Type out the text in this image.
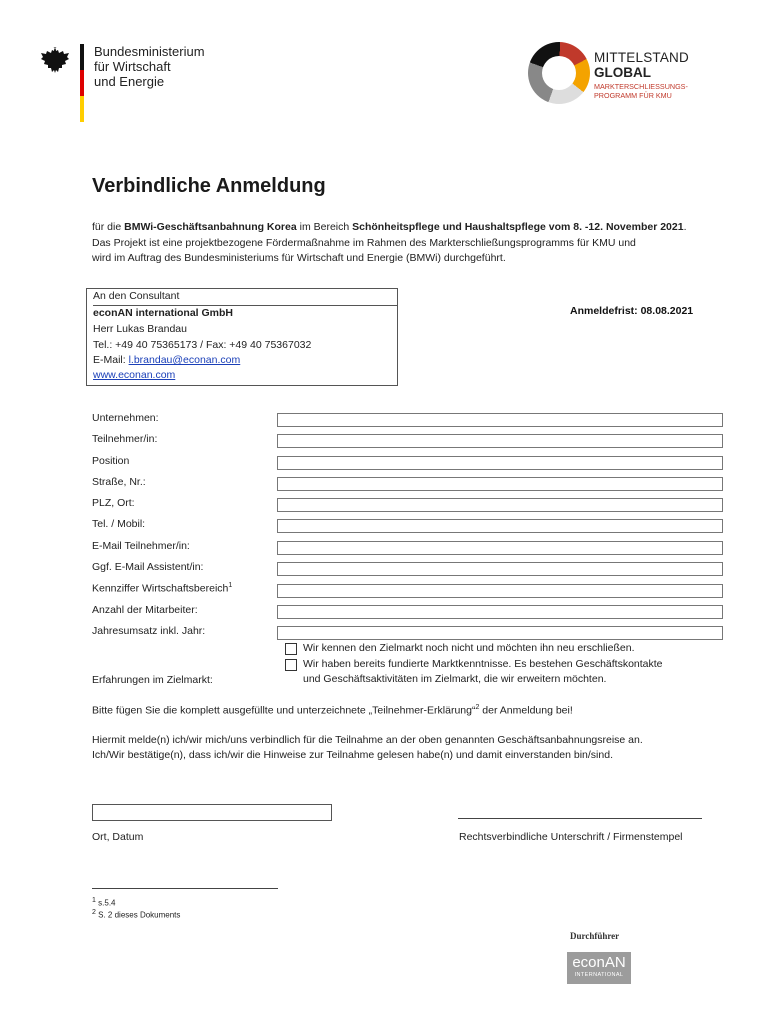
Bundesministerium
für Wirtschaft
und Energie
MITTELSTAND
GLOBAL
MARKTERSCHLIESSUNGS-
PROGRAMM FÜR KMU
Verbindliche Anmeldung
für die BMWi-Geschäftsanbahnung Korea im Bereich Schönheitspflege und Haushaltspflege vom 8. -12. November 2021.
Das Projekt ist eine projektbezogene Fördermaßnahme im Rahmen des Markterschließungsprogramms für KMU und
wird im Auftrag des Bundesministeriums für Wirtschaft und Energie (BMWi) durchgeführt.
An den Consultant
econAN international GmbH
Herr Lukas Brandau
Tel.: +49 40 75365173 / Fax: +49 40 75367032
E-Mail: l.brandau@econan.com
www.econan.com
Anmeldefrist: 08.08.2021
Unternehmen:
Teilnehmer/in:
Position
Straße, Nr.:
PLZ, Ort:
Tel. / Mobil:
E-Mail Teilnehmer/in:
Ggf. E-Mail Assistent/in:
Kennziffer Wirtschaftsbereich$^1$
Anzahl der Mitarbeiter:
Jahresumsatz inkl. Jahr:
Wir kennen den Zielmarkt noch nicht und möchten ihn neu erschließen.
Wir haben bereits fundierte Marktkenntnisse. Es bestehen Geschäftskontakte
und Geschäftsaktivitäten im Zielmarkt, die wir erweitern möchten.
Erfahrungen im Zielmarkt:
Bitte fügen Sie die komplett ausgefüllte und unterzeichnete „Teilnehmer-Erklärung“$^2$ der Anmeldung bei!
Hiermit melde(n) ich/wir mich/uns verbindlich für die Teilnahme an der oben genannten Geschäftsanbahnungsreise an.
Ich/Wir bestätige(n), dass ich/wir die Hinweise zur Teilnahme gelesen habe(n) und damit einverstanden bin/sind.
Ort, Datum	Rechtsverbindliche Unterschrift / Firmenstempel
$^1$ s.5.4
$^2$ S. 2 dieses Dokuments
Durchführer
econAN
INTERNATIONAL
